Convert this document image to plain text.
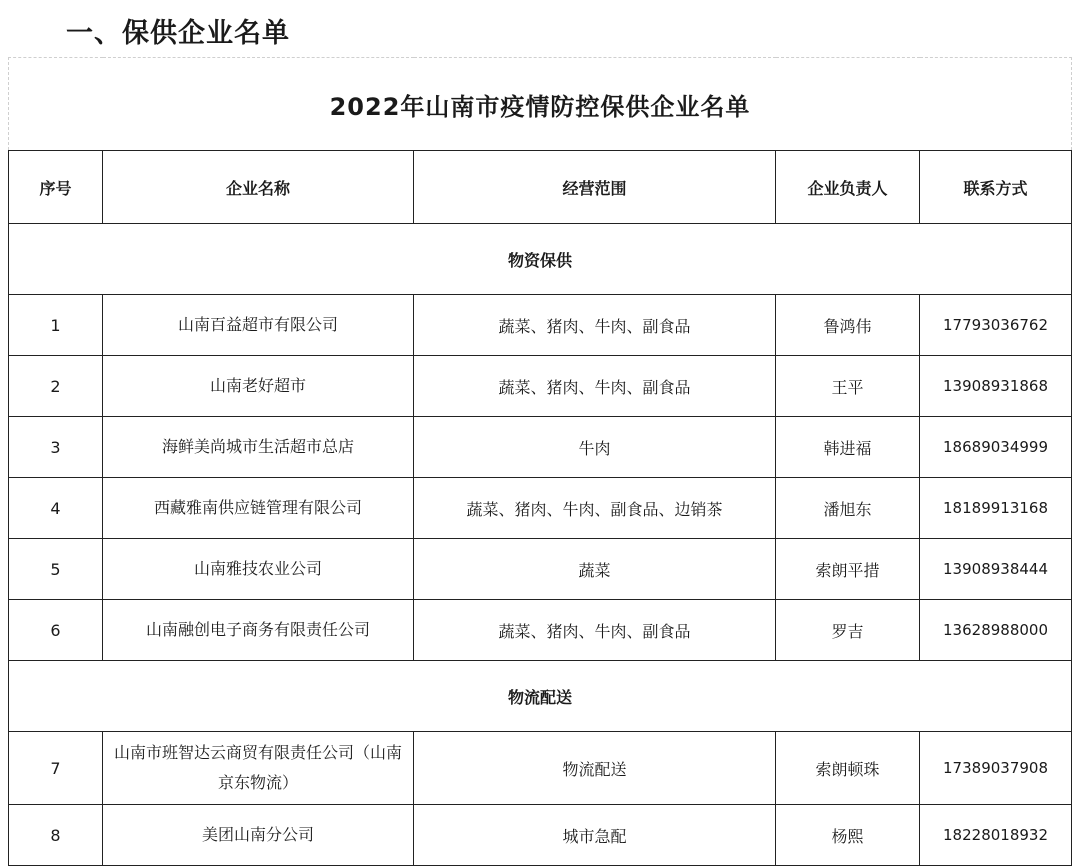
一、保供企业名单
2022年山南市疫情防控保供企业名单				
序号	企业名称	经营范围	企业负责人	联系方式
物资保供				
1	山南百益超市有限公司	蔬菜、猪肉、牛肉、副食品	鲁鸿伟	17793036762
2	山南老好超市	蔬菜、猪肉、牛肉、副食品	王平	13908931868
3	海鲜美尚城市生活超市总店	牛肉	韩进福	18689034999
4	西藏雅南供应链管理有限公司	蔬菜、猪肉、牛肉、副食品、边销茶	潘旭东	18189913168
5	山南雅技农业公司	蔬菜	索朗平措	13908938444
6	山南融创电子商务有限责任公司	蔬菜、猪肉、牛肉、副食品	罗吉	13628988000
物流配送				
7	山南市班智达云商贸有限责任公司（山南京东物流）	物流配送	索朗顿珠	17389037908
8	美团山南分公司	城市急配	杨熙	18228018932
